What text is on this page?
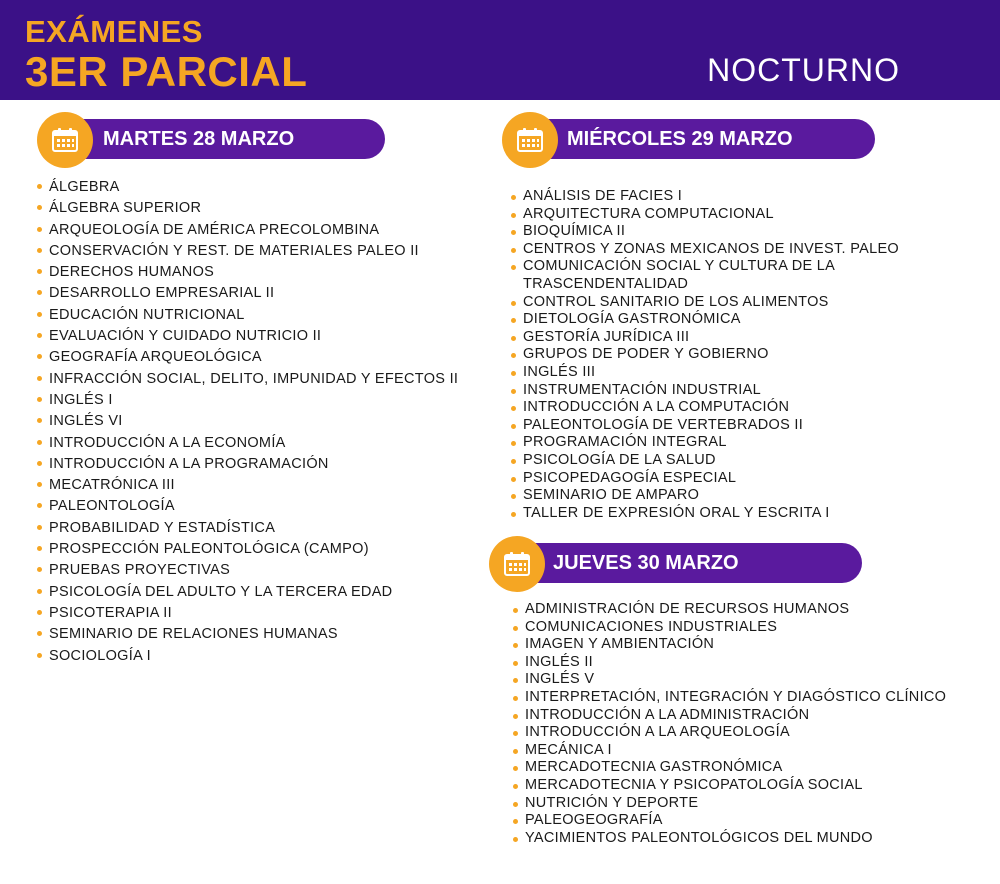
EXÁMENES
3ER PARCIAL	NOCTURNO
MARTES 28 MARZO
ÁLGEBRA
ÁLGEBRA SUPERIOR
ARQUEOLOGÍA DE AMÉRICA PRECOLOMBINA
CONSERVACIÓN Y REST. DE MATERIALES PALEO II
DERECHOS HUMANOS
DESARROLLO EMPRESARIAL II
EDUCACIÓN NUTRICIONAL
EVALUACIÓN Y CUIDADO NUTRICIO II
GEOGRAFÍA ARQUEOLÓGICA
INFRACCIÓN SOCIAL, DELITO, IMPUNIDAD Y EFECTOS II
INGLÉS I
INGLÉS VI
INTRODUCCIÓN A LA ECONOMÍA
INTRODUCCIÓN A LA PROGRAMACIÓN
MECATRÓNICA III
PALEONTOLOGÍA
PROBABILIDAD Y ESTADÍSTICA
PROSPECCIÓN PALEONTOLÓGICA (CAMPO)
PRUEBAS PROYECTIVAS
PSICOLOGÍA DEL ADULTO Y LA TERCERA EDAD
PSICOTERAPIA II
SEMINARIO DE RELACIONES HUMANAS
SOCIOLOGÍA I
MIÉRCOLES 29 MARZO
ANÁLISIS DE FACIES I
ARQUITECTURA COMPUTACIONAL
BIOQUÍMICA II
CENTROS Y ZONAS MEXICANOS DE INVEST. PALEO
COMUNICACIÓN SOCIAL Y CULTURA DE LA TRASCENDENTALIDAD
CONTROL SANITARIO DE LOS ALIMENTOS
DIETOLOGÍA GASTRONÓMICA
GESTORÍA JURÍDICA III
GRUPOS DE PODER Y GOBIERNO
INGLÉS III
INSTRUMENTACIÓN INDUSTRIAL
INTRODUCCIÓN A LA COMPUTACIÓN
PALEONTOLOGÍA DE VERTEBRADOS II
PROGRAMACIÓN INTEGRAL
PSICOLOGÍA DE LA SALUD
PSICOPEDAGOGÍA ESPECIAL
SEMINARIO DE AMPARO
TALLER DE EXPRESIÓN ORAL Y ESCRITA I
JUEVES 30 MARZO
ADMINISTRACIÓN DE RECURSOS HUMANOS
COMUNICACIONES INDUSTRIALES
IMAGEN Y AMBIENTACIÓN
INGLÉS II
INGLÉS V
INTERPRETACIÓN, INTEGRACIÓN Y DIAGÓSTICO CLÍNICO
INTRODUCCIÓN A LA ADMINISTRACIÓN
INTRODUCCIÓN A LA ARQUEOLOGÍA
MECÁNICA I
MERCADOTECNIA GASTRONÓMICA
MERCADOTECNIA Y PSICOPATOLOGÍA SOCIAL
NUTRICIÓN Y DEPORTE
PALEOGEOGRAFÍA
YACIMIENTOS PALEONTOLÓGICOS DEL MUNDO
